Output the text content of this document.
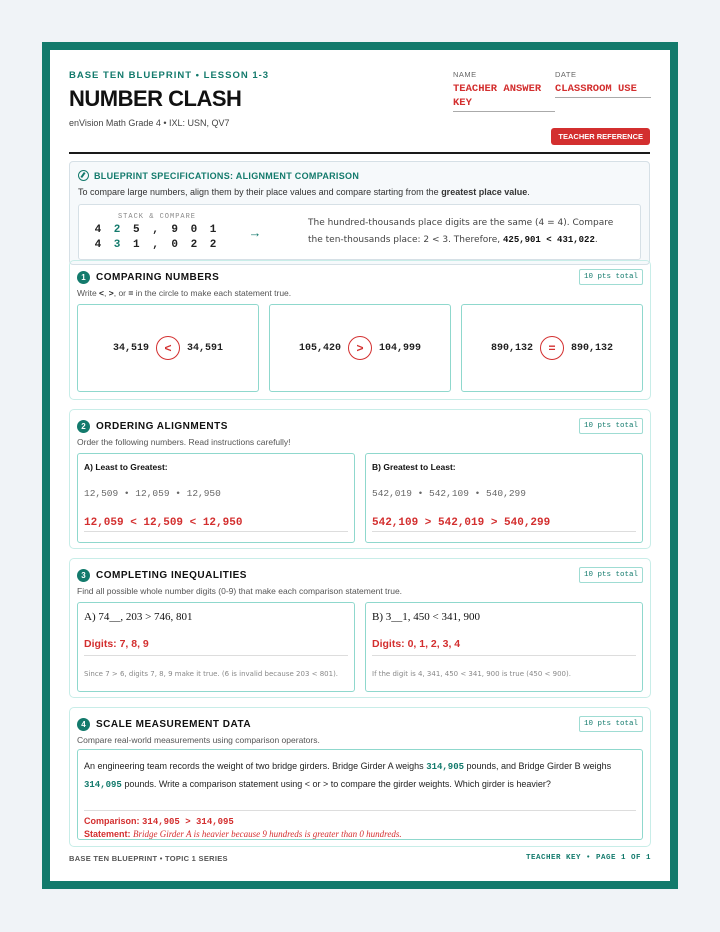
BASE TEN BLUEPRINT • LESSON 1-3
NUMBER CLASH
enVision Math Grade 4 • IXL: USN, QV7
NAME	DATE
TEACHER ANSWER KEY
CLASSROOM USE
TEACHER REFERENCE
BLUEPRINT SPECIFICATIONS: ALIGNMENT COMPARISON
To compare large numbers, align them by their place values and compare starting from the greatest place value.
STACK & COMPARE
4 2 5 , 9 0 1
4 3 1 , 0 2 2
→
The hundred-thousands place digits are the same (4 = 4). Compare the ten-thousands place: 2 < 3. Therefore, 425,901 < 431,022.
1	COMPARING NUMBERS	10 pts total
Write <, >, or = in the circle to make each statement true.
34,519	<	34,591	105,420	>	104,999	890,132	=	890,132
2	ORDERING ALIGNMENTS	10 pts total
Order the following numbers. Read instructions carefully!
A) Least to Greatest:
12,509 • 12,059 • 12,950
12,059 < 12,509 < 12,950
B) Greatest to Least:
542,019 • 542,109 • 540,299
542,109 > 542,019 > 540,299
3	COMPLETING INEQUALITIES	10 pts total
Find all possible whole number digits (0-9) that make each comparison statement true.
A) 74__, 203 > 746, 801
Digits: 7, 8, 9
Since 7 > 6, digits 7, 8, 9 make it true. (6 is invalid because 203 < 801).
B) 3__1, 450 < 341, 900
Digits: 0, 1, 2, 3, 4
If the digit is 4, 341, 450 < 341, 900 is true (450 < 900).
4	SCALE MEASUREMENT DATA	10 pts total
Compare real-world measurements using comparison operators.
An engineering team records the weight of two bridge girders. Bridge Girder A weighs 314,905 pounds, and Bridge Girder B weighs 314,095 pounds. Write a comparison statement using < or > to compare the girder weights. Which girder is heavier?
Comparison: 314,905 > 314,095
Statement: Bridge Girder A is heavier because 9 hundreds is greater than 0 hundreds.
BASE TEN BLUEPRINT • TOPIC 1 SERIES	TEACHER KEY • PAGE 1 OF 1
